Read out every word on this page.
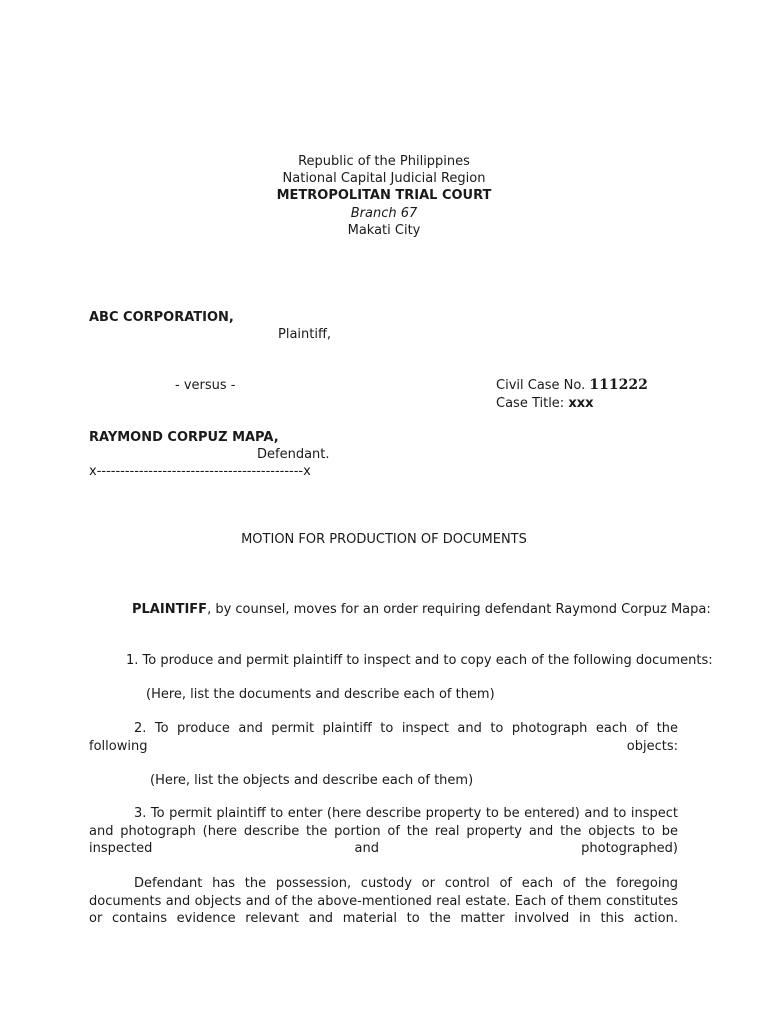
Republic of the Philippines
National Capital Judicial Region
METROPOLITAN TRIAL COURT
Branch 67
Makati City
ABC CORPORATION,
Plaintiff,
- versus -	Civil Case No. 111222
Case Title: xxx
RAYMOND CORPUZ MAPA,
Defendant.
x--------------------------------------------x
MOTION FOR PRODUCTION OF DOCUMENTS
PLAINTIFF, by counsel, moves for an order requiring defendant Raymond Corpuz Mapa:
1. To produce and permit plaintiff to inspect and to copy each of the following documents:
(Here, list the documents and describe each of them)
2. To produce and permit plaintiff to inspect and to photograph each of the following objects:
(Here, list the objects and describe each of them)
3. To permit plaintiff to enter (here describe property to be entered) and to inspect and photograph (here describe the portion of the real property and the objects to be inspected and photographed)
Defendant has the possession, custody or control of each of the foregoing documents and objects and of the above-mentioned real estate. Each of them constitutes or contains evidence relevant and material to the matter involved in this action.
